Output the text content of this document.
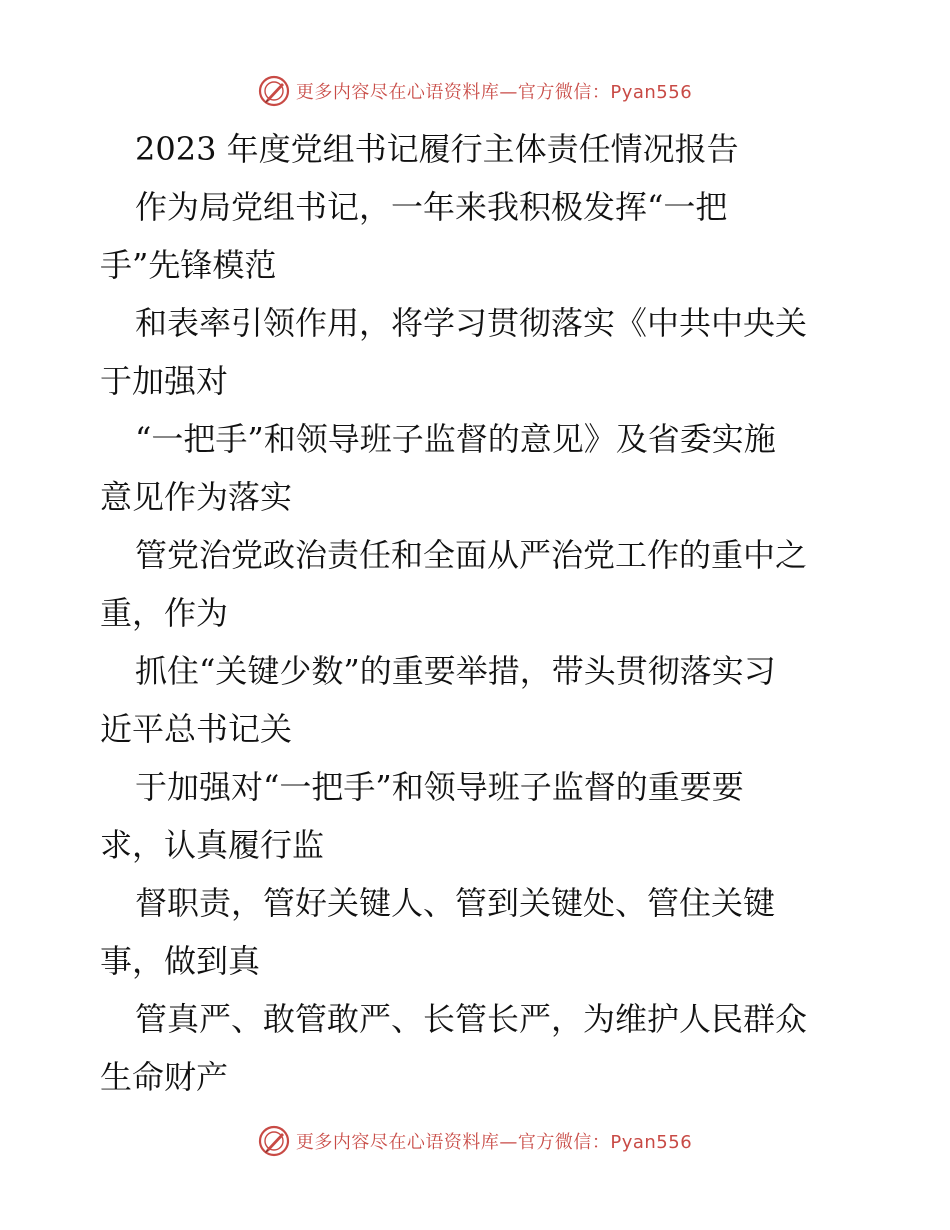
更多内容尽在心语资料库—官方微信：Pyan556
2023 年度党组书记履行主体责任情况报告
作为局党组书记，一年来我积极发挥“一把
手”先锋模范
和表率引领作用，将学习贯彻落实《中共中央关
于加强对
“一把手”和领导班子监督的意见》及省委实施
意见作为落实
管党治党政治责任和全面从严治党工作的重中之
重，作为
抓住“关键少数”的重要举措，带头贯彻落实习
近平总书记关
于加强对“一把手”和领导班子监督的重要要
求，认真履行监
督职责，管好关键人、管到关键处、管住关键
事，做到真
管真严、敢管敢严、长管长严，为维护人民群众
生命财产
更多内容尽在心语资料库—官方微信：Pyan556
